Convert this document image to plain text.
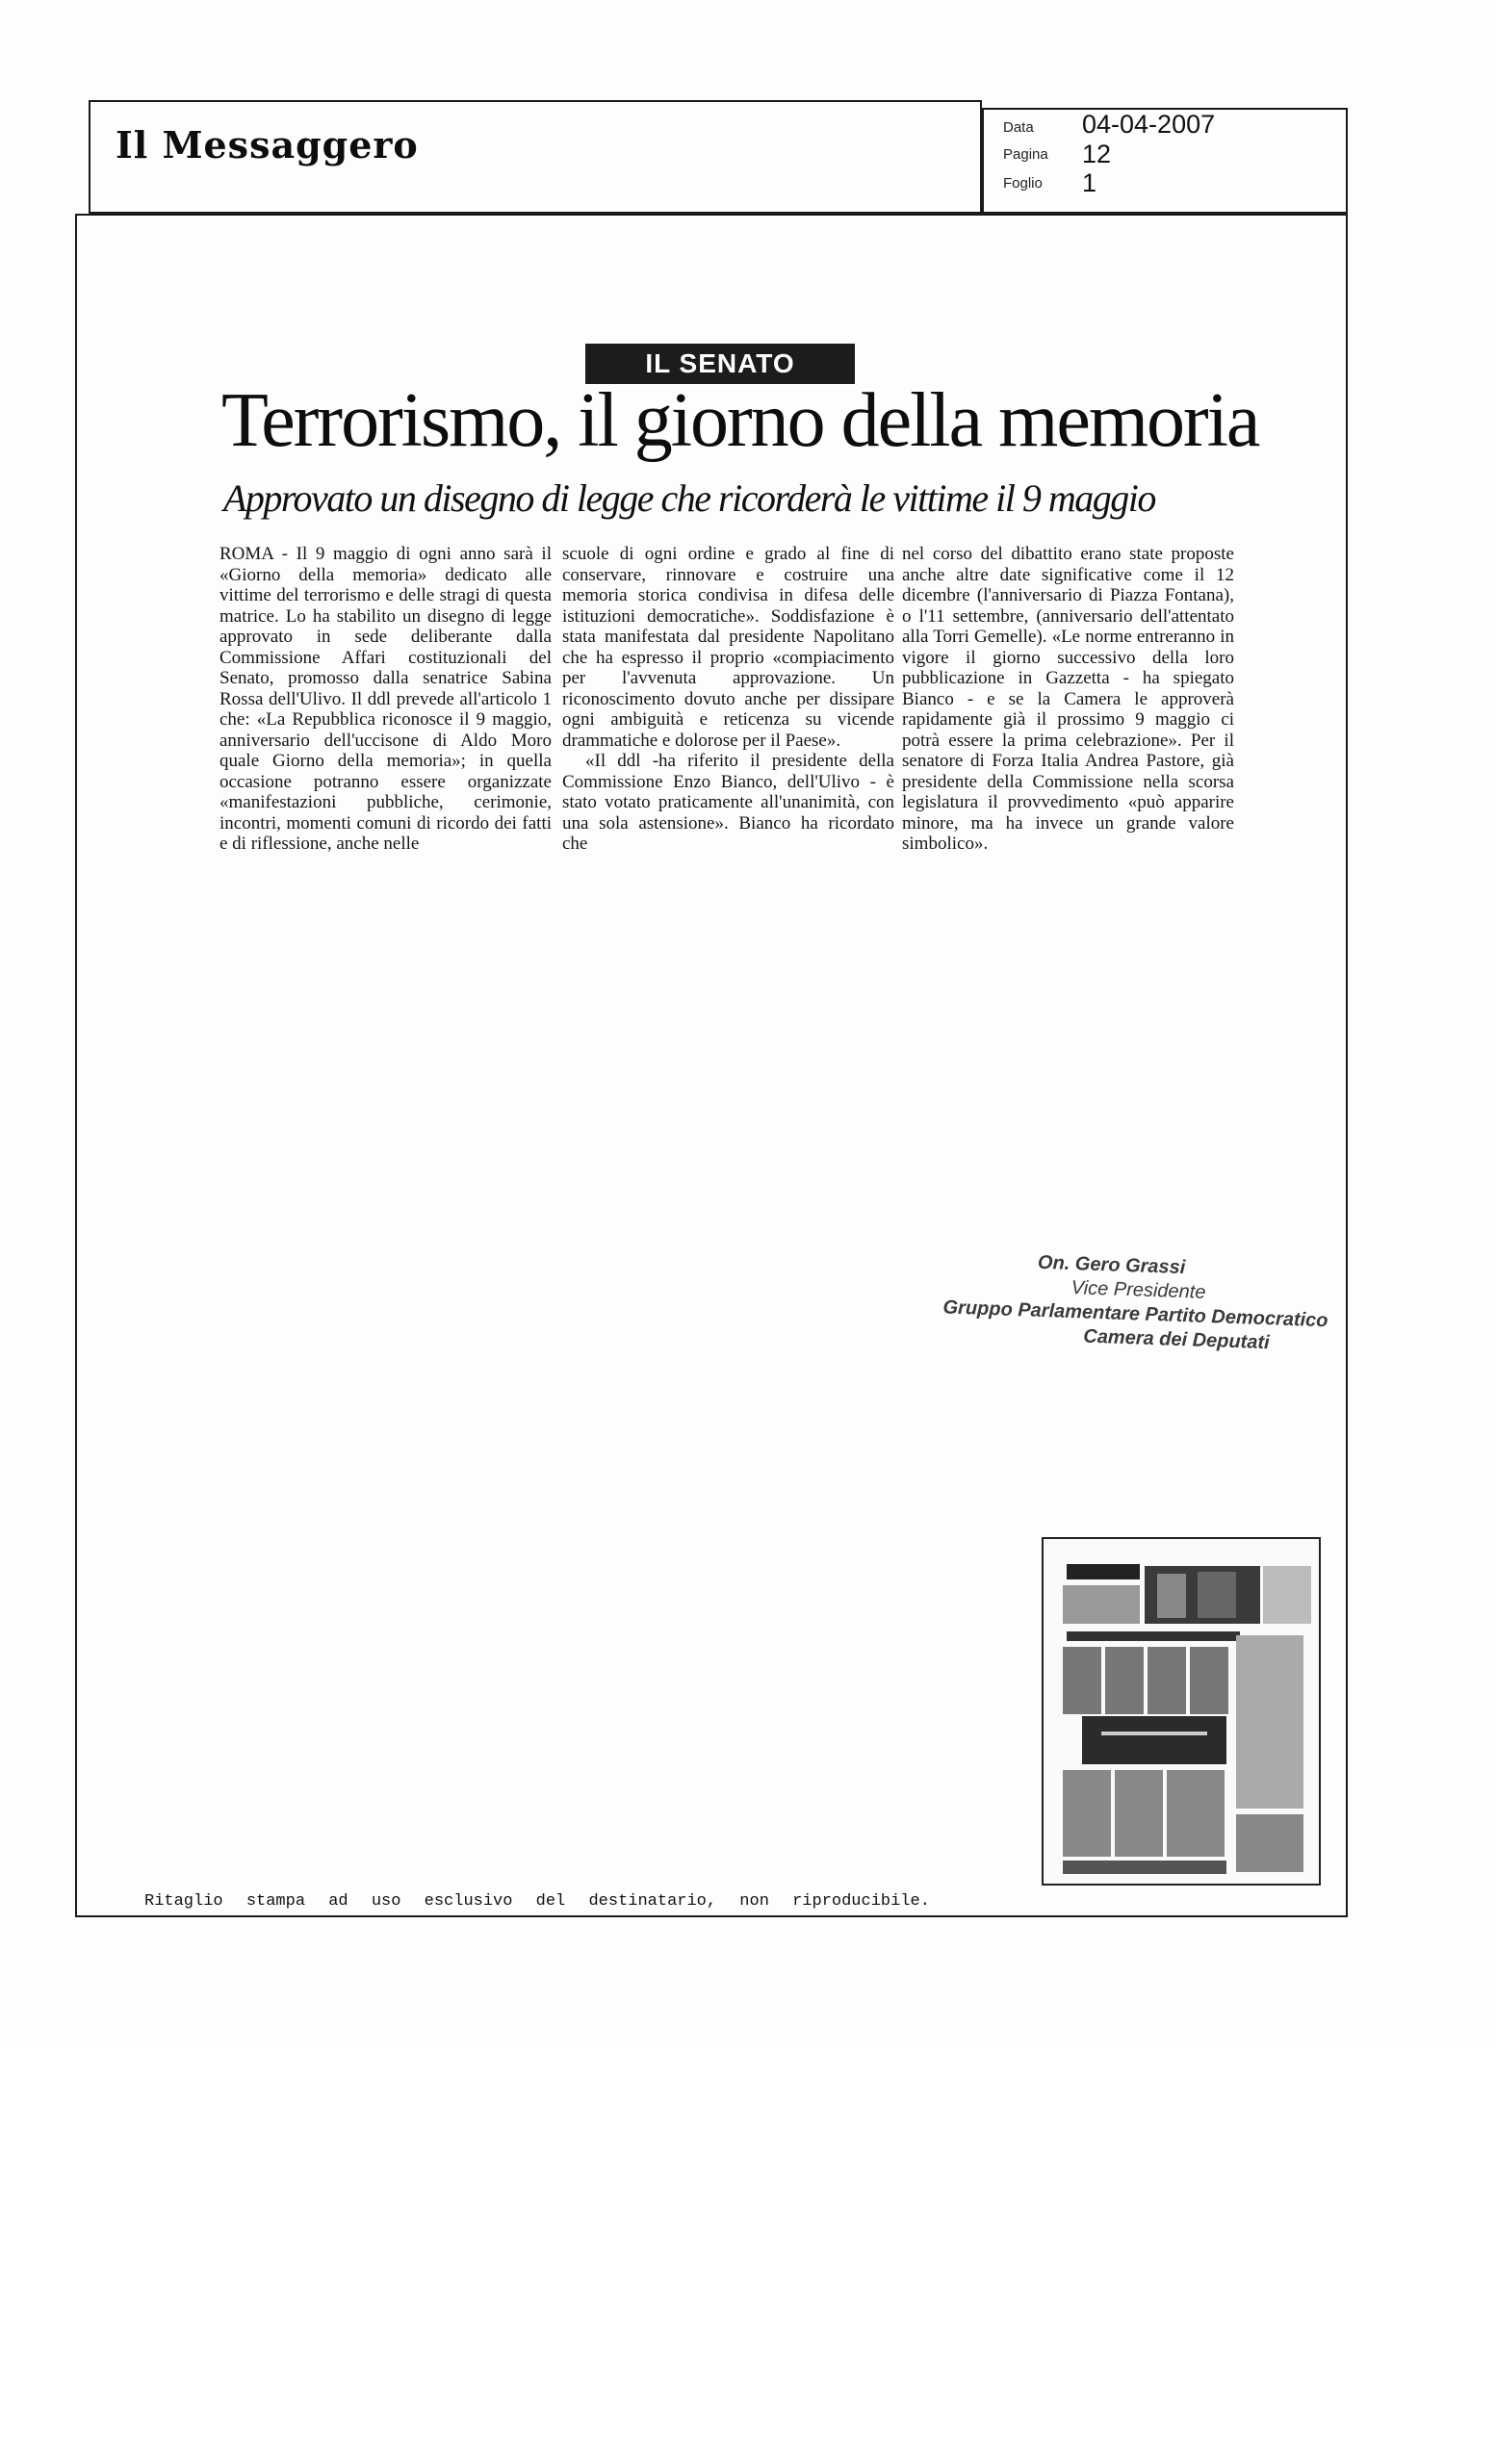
Il Messaggero	Data 04-04-2007
Pagina 12
Foglio 1
IL SENATO
Terrorismo, il giorno della memoria
Approvato un disegno di legge che ricorderà le vittime il 9 maggio

ROMA - Il 9 maggio di ogni anno sarà il «Giorno della memoria» dedicato alle vittime del terrorismo e delle stragi di questa matrice. Lo ha stabilito un disegno di legge approvato in sede deliberante dalla Commissione Affari costituzionali del Senato, promosso dalla senatrice Sabina Rossa dell'Ulivo. Il ddl prevede all'articolo 1 che: «La Repubblica riconosce il 9 maggio, anniversario dell'uccisone di Aldo Moro quale Giorno della memoria»; in quella occasione potranno essere organizzate «manifestazioni pubbliche, cerimonie, incontri, momenti comuni di ricordo dei fatti e di riflessione, anche nelle

scuole di ogni ordine e grado al fine di conservare, rinnovare e costruire una memoria storica condivisa in difesa delle istituzioni democratiche». Soddisfazione è stata manifestata dal presidente Napolitano che ha espresso il proprio «compiacimento per l'avvenuta approvazione. Un riconoscimento dovuto anche per dissipare ogni ambiguità e reticenza su vicende drammatiche e dolorose per il Paese».

«Il ddl -ha riferito il presidente della Commissione Enzo Bianco, dell'Ulivo - è stato votato praticamente all'unanimità, con una sola astensione». Bianco ha ricordato che

nel corso del dibattito erano state proposte anche altre date significative come il 12 dicembre (l'anniversario di Piazza Fontana), o l'11 settembre, (anniversario dell'attentato alla Torri Gemelle). «Le norme entreranno in vigore il giorno successivo della loro pubblicazione in Gazzetta - ha spiegato Bianco - e se la Camera le approverà rapidamente già il prossimo 9 maggio ci potrà essere la prima celebrazione». Per il senatore di Forza Italia Andrea Pastore, già presidente della Commissione nella scorsa legislatura il provvedimento «può apparire minore, ma ha invece un grande valore simbolico».

On. Gero Grassi
Vice Presidente
Gruppo Parlamentare Partito Democratico
Camera dei Deputati
Ritaglio stampa ad uso esclusivo del destinatario, non riproducibile.
